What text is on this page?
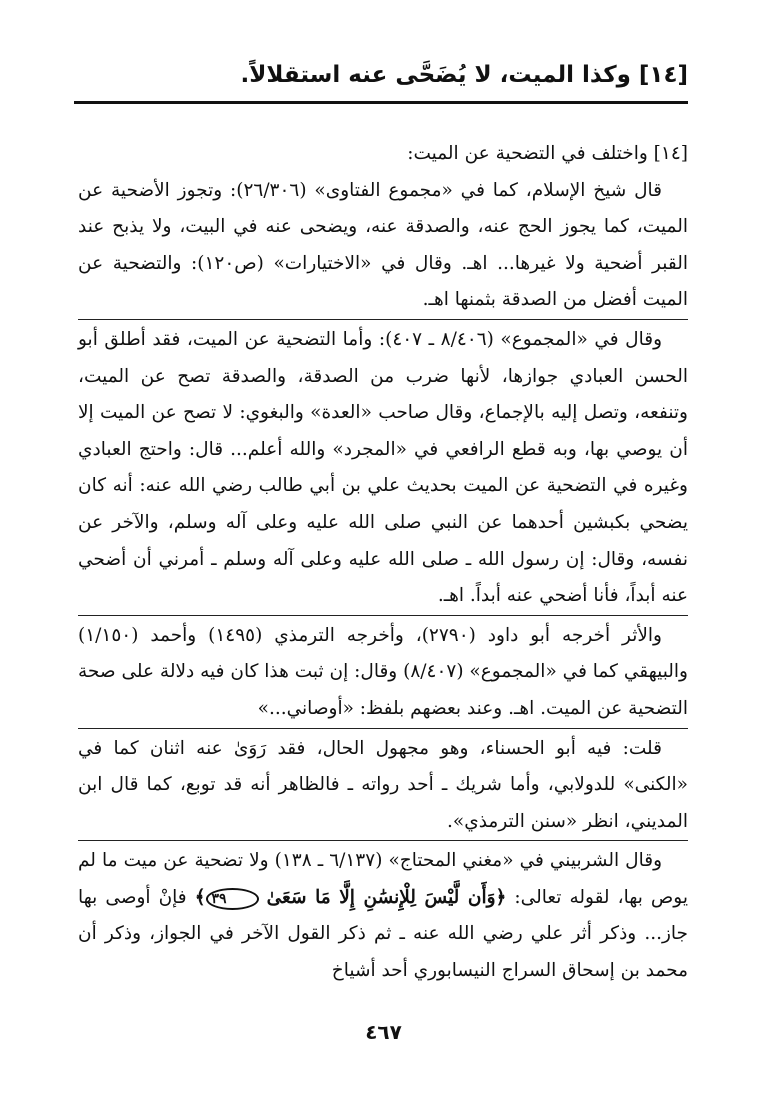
[١٤] وكذا الميت، لا يُضَحَّى عنه استقلالاً.

[١٤] واختلف في التضحية عن الميت:

قال شيخ الإسلام، كما في «مجموع الفتاوى» (٢٦/٣٠٦): وتجوز الأضحية عن الميت، كما يجوز الحج عنه، والصدقة عنه، ويضحى عنه في البيت، ولا يذبح عند القبر أضحية ولا غيرها... اهـ. وقال في «الاختيارات» (ص١٢٠): والتضحية عن الميت أفضل من الصدقة بثمنها اهـ.

وقال في «المجموع» (٨/٤٠٦ ـ ٤٠٧): وأما التضحية عن الميت، فقد أطلق أبو الحسن العبادي جوازها، لأنها ضرب من الصدقة، والصدقة تصح عن الميت، وتنفعه، وتصل إليه بالإجماع، وقال صاحب «العدة» والبغوي: لا تصح عن الميت إلا أن يوصي بها، وبه قطع الرافعي في «المجرد» والله أعلم... قال: واحتج العبادي وغيره في التضحية عن الميت بحديث علي بن أبي طالب رضي الله عنه: أنه كان يضحي بكبشين أحدهما عن النبي صلى الله عليه وعلى آله وسلم، والآخر عن نفسه، وقال: إن رسول الله ـ صلى الله عليه وعلى آله وسلم ـ أمرني أن أضحي عنه أبداً، فأنا أضحي عنه أبداً. اهـ.

والأثر أخرجه أبو داود (٢٧٩٠)، وأخرجه الترمذي (١٤٩٥) وأحمد (١/١٥٠) والبيهقي كما في «المجموع» (٨/٤٠٧) وقال: إن ثبت هذا كان فيه دلالة على صحة التضحية عن الميت. اهـ. وعند بعضهم بلفظ: «أوصاني...»

قلت: فيه أبو الحسناء، وهو مجهول الحال، فقد رَوَىٰ عنه اثنان كما في «الكنى» للدولابي، وأما شريك ـ أحد رواته ـ فالظاهر أنه قد توبع، كما قال ابن المديني، انظر «سنن الترمذي».

وقال الشربيني في «مغني المحتاج» (٦/١٣٧ ـ ١٣٨) ولا تضحية عن ميت ما لم يوص بها، لقوله تعالى: ﴿وَأَن لَّيْسَ لِلْإِنسَٰنِ إِلَّا مَا سَعَىٰ ٣٩﴾ فإنْ أوصى بها جاز... وذكر أثر علي رضي الله عنه ـ ثم ذكر القول الآخر في الجواز، وذكر أن محمد بن إسحاق السراج النيسابوري أحد أشياخ

٤٦٧
